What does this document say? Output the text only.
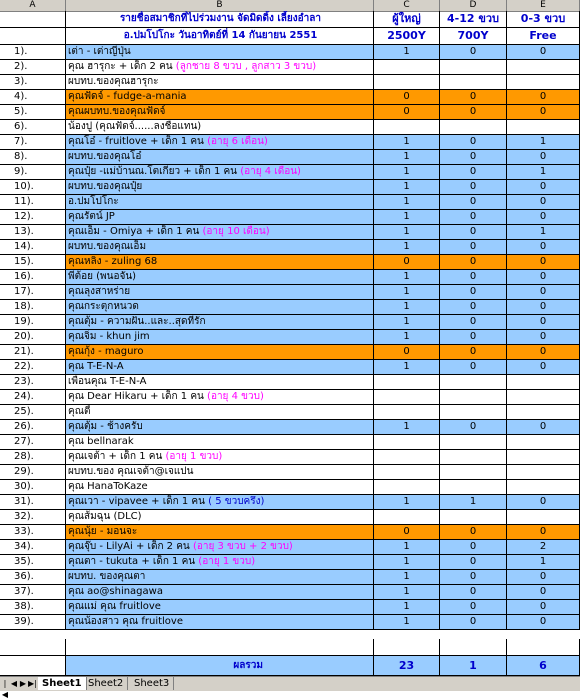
A	B	C	D	E
รายชื่อสมาชิกที่ไปร่วมงาน จัดมิดดิ้ง เลี้ยงอำลา	ผู้ใหญ่	4-12 ขวบ	0-3 ขวบ
อ.ปมโปโกะ วันอาทิตย์ที่ 14 กันยายน 2551	2500Y	700Y	Free
1).	เต่า - เต่าญี่ปุ่น	1	0	0
2).	คุณ ฮารุกะ + เด็ก 2 คน (ลูกชาย 8 ขวบ , ลูกสาว 3 ขวบ)
3).	ผบทบ.ของคุณฮารุกะ
4).	คุณฟัดจ์ - fudge-a-mania	0	0	0
5).	คุณผบทบ.ของคุณฟัดจ์	0	0	0
6).	น้องปู (คุณฟัดจ์......ลงชื่อแทน)
7).	คุณโอ๋ - fruitlove + เด็ก 1 คน (อายุ 6 เดือน)	1	0	1
8).	ผบทบ.ของคุณโอ๋	1	0	0
9).	คุณปุ๋ย -แม่บ้านณ.โตเกียว + เด็ก 1 คน (อายุ 4 เดือน)	1	0	1
10).	ผบทบ.ของคุณปุ๋ย	1	0	0
11).	อ.ปมโปโกะ	1	0	0
12).	คุณรัตน์ JP	1	0	0
13).	คุณเอ็ม - Omiya + เด็ก 1 คน (อายุ 10 เดือน)	1	0	1
14).	ผบทบ.ของคุณเอ็ม	1	0	0
15).	คุณหลิง - zuling 68	0	0	0
16).	พี่ต้อย (พนอจัน)	1	0	0
17).	คุณลุงสาหร่าย	1	0	0
18).	คุณกระตุกหนวด	1	0	0
19).	คุณตุ้ม - ความฝัน..และ..สุดที่รัก	1	0	0
20).	คุณจิ๋ม - khun jim	1	0	0
21).	คุณกุ้ง - maguro	0	0	0
22).	คุณ T-E-N-A	1	0	0
23).	เพื่อนคุณ T-E-N-A
24).	คุณ Dear Hikaru + เด็ก 1 คน (อายุ 4 ขวบ)
25).	คุณตี้
26).	คุณตุ้ม - ช้างครับ	1	0	0
27).	คุณ bellnarak
28).	คุณเจต้า + เด็ก 1 คน (อายุ 1 ขวบ)
29).	ผบทบ.ของ คุณเจต้า@เจแปน
30).	คุณ HanaToKaze
31).	คุณเวา - vipavee + เด็ก 1 คน ( 5 ขวบครึ่ง)	1	1	0
32).	คุณส้มฉุน (DLC)
33).	คุณนุ้ย - มอนจะ	0	0	0
34).	คุณจุ๊บ - LilyAi + เด็ก 2 คน (อายุ 3 ขวบ + 2 ขวบ)	1	0	2
35).	คุณตา - tukuta + เด็ก 1 คน (อายุ 1 ขวบ)	1	0	1
36).	ผบทบ. ของคุณตา	1	0	0
37).	คุณ ao@shinagawa	1	0	0
38).	คุณแม่ คุณ fruitlove	1	0	0
39).	คุณน้องสาว คุณ fruitlove	1	0	0
ผลรวม	23	1	6
|◀
◀ ▶ ▶| Sheet1 Sheet2	Sheet3
